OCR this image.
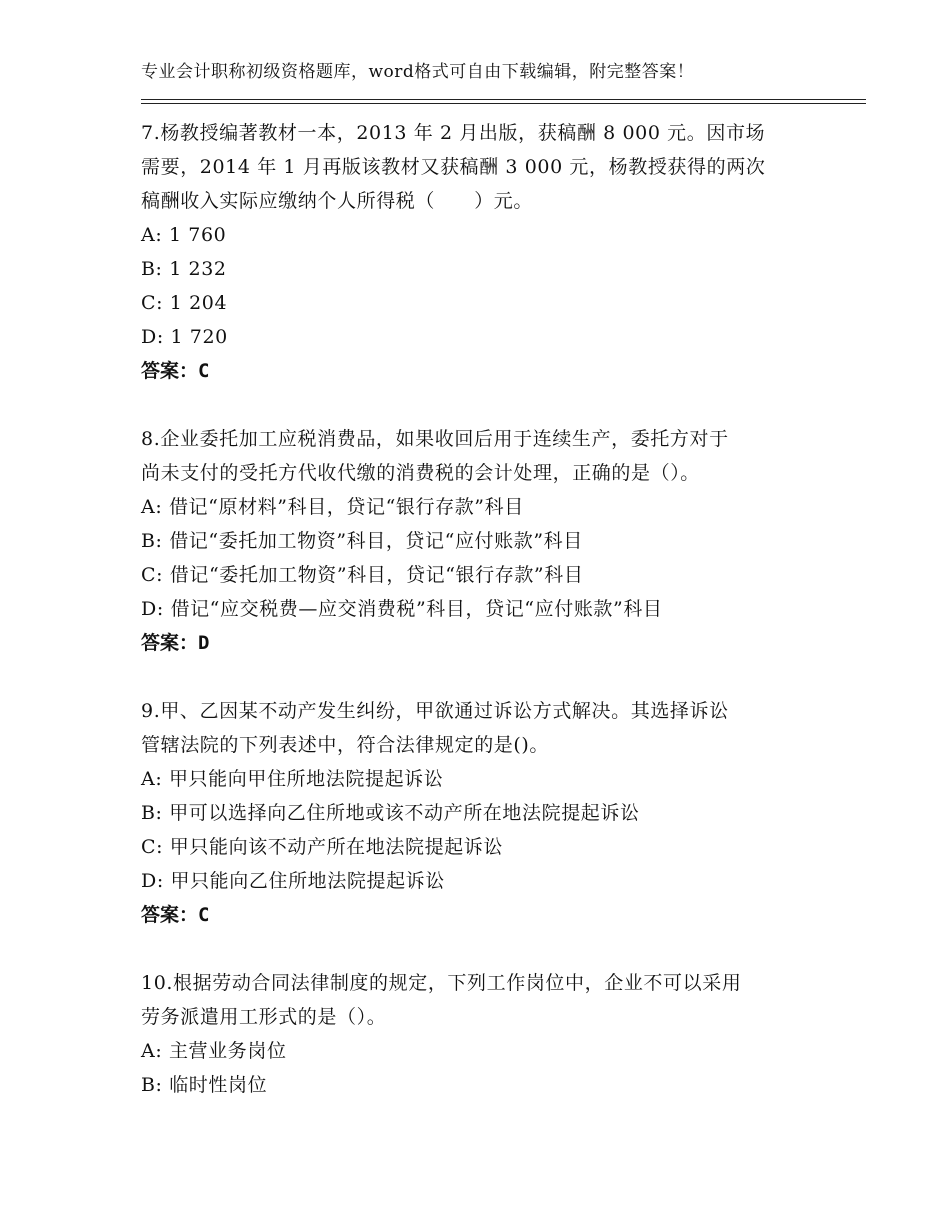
专业会计职称初级资格题库，word格式可自由下载编辑，附完整答案！
7.杨教授编著教材一本，2013 年 2 月出版，获稿酬 8 000 元。因市场
需要，2014 年 1 月再版该教材又获稿酬 3 000 元，杨教授获得的两次
稿酬收入实际应缴纳个人所得税（　　）元。
A: 1 760
B: 1 232
C: 1 204
D: 1 720
答案：C
8.企业委托加工应税消费品，如果收回后用于连续生产，委托方对于
尚未支付的受托方代收代缴的消费税的会计处理，正确的是（）。
A: 借记“原材料”科目，贷记“银行存款”科目
B: 借记“委托加工物资”科目，贷记“应付账款”科目
C: 借记“委托加工物资”科目，贷记“银行存款”科目
D: 借记“应交税费—应交消费税”科目，贷记“应付账款”科目
答案：D
9.甲、乙因某不动产发生纠纷，甲欲通过诉讼方式解决。其选择诉讼
管辖法院的下列表述中，符合法律规定的是()。
A: 甲只能向甲住所地法院提起诉讼
B: 甲可以选择向乙住所地或该不动产所在地法院提起诉讼
C: 甲只能向该不动产所在地法院提起诉讼
D: 甲只能向乙住所地法院提起诉讼
答案：C
10.根据劳动合同法律制度的规定，下列工作岗位中，企业不可以采用
劳务派遣用工形式的是（）。
A: 主营业务岗位
B: 临时性岗位
